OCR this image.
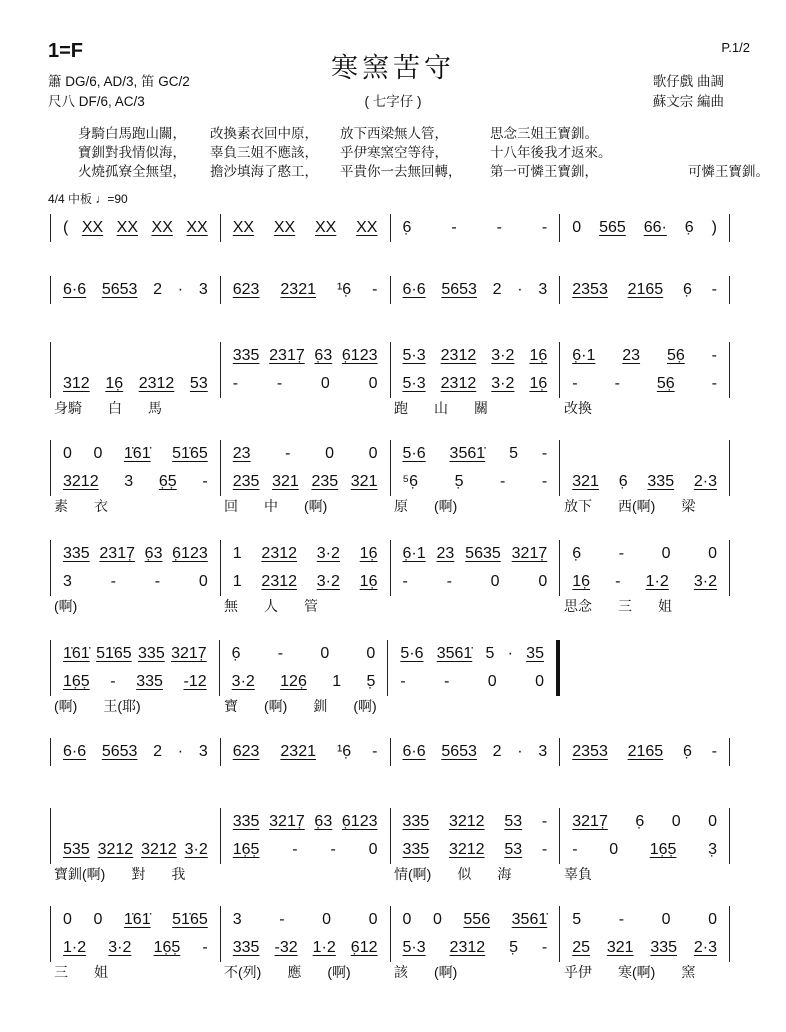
1=F
寒窯苦守
P.1/2
簫 DG/6, AD/3, 笛 GC/2
尺八 DF/6, AC/3	( 七字仔 )
歌仔戲 曲調
蘇文宗 編曲
4/4 中板 ♩=90
身騎白馬跑山關， 改換素衣回中原， 放下西梁無人管，	思念三姐王寶釧。
寶釧對我情似海， 辜負三姐不應該， 乎伊寒窯空等待，	十八年後我才返來。
火燒孤寮全無望， 擔沙填海了憨工， 平貴你一去無回轉， 第一可憐王寶釧，	可憐王寶釧。
( XX XX XX XX XX XX XX XX 6̣ - - - 0 565 66· 6̣ )
6·6 5653 2 · 3 623 2321 ¹6̣ - 6·6 5653 2 · 3 2353 2165 6̣ -
335 2317̣ 6̣3 6̣123 5·3 2312 3·2 16̣ 6̣·1 23 56̣ -
312 16̣ 2312 53 - - 0 0 5·3 2312 3·2 16̣ - - 56̣ -
身騎 白 馬	跑 山 關	改換
0 0 1̇61̇ 51̇65 23 - 0 0 5·6 3561̇ 5 -
3212 3 6̣5̣ - 235 321 235 321 ⁵6̣ 5̣ - - 321 6̣ 335 2·3
素 衣	回 中 (啊)	原 (啊)	放下 西(啊) 梁
335 2317̣ 6̣3 6̣123 1 2312 3·2 16̣ 6̣·1 23 5635 3217̣ 6̣ - 0 0
3 - - 0 1 2312 3·2 16̣ - - 0 0 16̣ - 1·2 3·2
(啊)	無 人 管	思念 三 姐
1̇61̇ 51̇65 335 3217̣ 6̣ - 0 0 5·6 3561̇ 5 · 35
16̣5̣ - 335 -12 3·2 126̣ 1 5̣ - - 0 0
(啊) 王(耶)	寶 (啊) 釧 (啊)
6·6 5653 2 · 3 623 2321 ¹6̣ - 6·6 5653 2 · 3 2353 2165 6̣ -
335 3217̣ 6̣3 6̣123 335 3212 53 - 3217̣ 6̣ 0 0
535 3212 3212 3·2 16̣5̣ - - 0 335 3212 53 - - 0 16̣5̣ 3̣
寶釧(啊) 對 我	情(啊) 似 海	辜負
0 0 1̇61̇ 51̇65 3 - 0 0 0 0 556 3561̇ 5 - 0 0
1·2 3·2 16̣5̣ - 335 -32 1·2 6̣12 5·3 2312 5̣ - 25 321 335 2·3
三 姐	不(列) 應 (啊)	該 (啊)	乎伊 寒(啊) 窯
